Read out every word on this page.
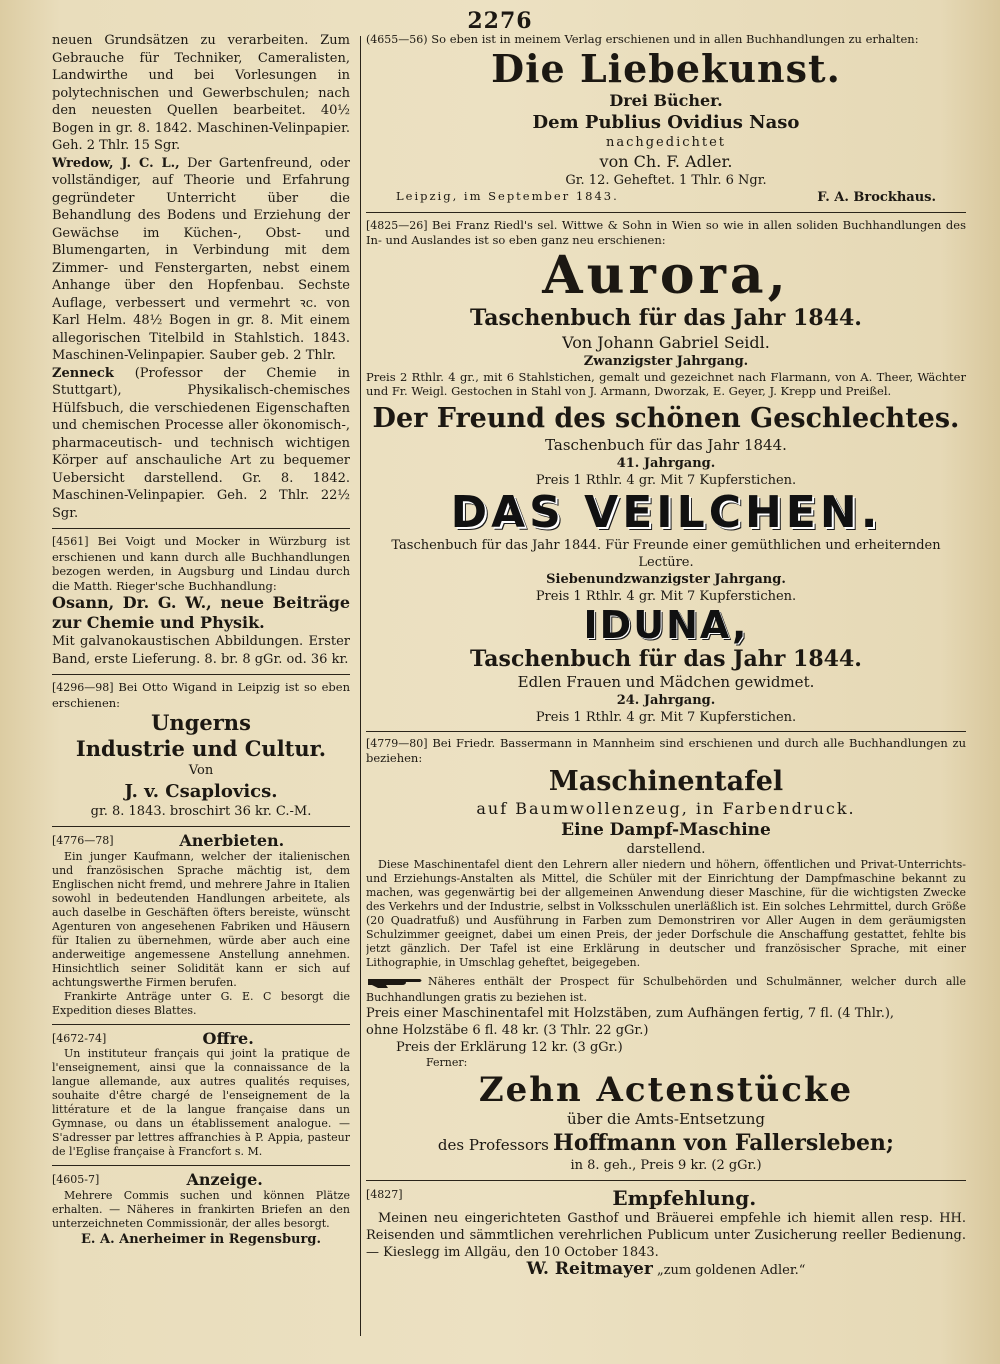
2276

neuen Grundsätzen zu verarbeiten. Zum Gebrauche für Techniker, Cameralisten, Landwirthe und bei Vorlesungen in polytechnischen und Gewerbschulen; nach den neuesten Quellen bearbeitet. 40½ Bogen in gr. 8. 1842. Maschinen-Velinpapier. Geh. 2 Thlr. 15 Sgr.

Wredow, J. C. L., Der Gartenfreund, oder vollständiger, auf Theorie und Erfahrung gegründeter Unterricht über die Behandlung des Bodens und Erziehung der Gewächse im Küchen-, Obst- und Blumengarten, in Verbindung mit dem Zimmer- und Fenstergarten, nebst einem Anhange über den Hopfenbau. Sechste Auflage, verbessert und vermehrt ꝛc. von Karl Helm. 48½ Bogen in gr. 8. Mit einem allegorischen Titelbild in Stahlstich. 1843. Maschinen-Velinpapier. Sauber geb. 2 Thlr.

Zenneck (Professor der Chemie in Stuttgart), Physikalisch-chemisches Hülfsbuch, die verschiedenen Eigenschaften und chemischen Processe aller ökonomisch-, pharmaceutisch- und technisch wichtigen Körper auf anschauliche Art zu bequemer Uebersicht darstellend. Gr. 8. 1842. Maschinen-Velinpapier. Geh. 2 Thlr. 22½ Sgr.

[4561] Bei Voigt und Mocker in Würzburg ist erschienen und kann durch alle Buchhandlungen bezogen werden, in Augsburg und Lindau durch die Matth. Rieger'sche Buchhandlung:

Osann, Dr. G. W., neue Beiträge zur Chemie und Physik.

Mit galvanokaustischen Abbildungen. Erster Band, erste Lieferung. 8. br. 8 gGr. od. 36 kr.

[4296—98] Bei Otto Wigand in Leipzig ist so eben erschienen:

Ungerns

Industrie und Cultur.

Von

J. v. Csaplovics.

gr. 8. 1843. broschirt 36 kr. C.-M.

[4776—78]	Anerbieten.

Ein junger Kaufmann, welcher der italienischen und französischen Sprache mächtig ist, dem Englischen nicht fremd, und mehrere Jahre in Italien sowohl in bedeutenden Handlungen arbeitete, als auch daselbe in Geschäften öfters bereiste, wünscht Agenturen von angesehenen Fabriken und Häusern für Italien zu übernehmen, würde aber auch eine anderweitige angemessene Anstellung annehmen. Hinsichtlich seiner Solidität kann er sich auf achtungswerthe Firmen berufen.

Frankirte Anträge unter G. E. C besorgt die Expedition dieses Blattes.

[4672-74]	Offre.

Un instituteur français qui joint la pratique de l'enseignement, ainsi que la connaissance de la langue allemande, aux autres qualités requises, souhaite d'être chargé de l'enseignement de la littérature et de la langue française dans un Gymnase, ou dans un établissement analogue. — S'adresser par lettres affranchies à P. Appia, pasteur de l'Eglise française à Francfort s. M.

[4605-7]	Anzeige.

Mehrere Commis suchen und können Plätze erhalten. — Näheres in frankirten Briefen an den unterzeichneten Commissionär, der alles besorgt.

E. A. Anerheimer in Regensburg.

(4655—56) So eben ist in meinem Verlag erschienen und in allen Buchhandlungen zu erhalten:

Die Liebekunst.

Drei Bücher.

Dem Publius Ovidius Naso

nachgedichtet

von Ch. F. Adler.

Gr. 12. Geheftet. 1 Thlr. 6 Ngr.

Leipzig, im September 1843.	F. A. Brockhaus.

[4825—26] Bei Franz Riedl's sel. Wittwe & Sohn in Wien so wie in allen soliden Buchhandlungen des In- und Auslandes ist so eben ganz neu erschienen:

Aurora,

Taschenbuch für das Jahr 1844.

Von Johann Gabriel Seidl.

Zwanzigster Jahrgang.

Preis 2 Rthlr. 4 gr., mit 6 Stahlstichen, gemalt und gezeichnet nach Flarmann, von A. Theer, Wächter und Fr. Weigl. Gestochen in Stahl von J. Armann, Dworzak, E. Geyer, J. Krepp und Preißel.

Der Freund des schönen Geschlechtes.

Taschenbuch für das Jahr 1844.

41. Jahrgang.

Preis 1 Rthlr. 4 gr. Mit 7 Kupferstichen.

DAS VEILCHEN.

Taschenbuch für das Jahr 1844. Für Freunde einer gemüthlichen und erheiternden Lectüre.

Siebenundzwanzigster Jahrgang.

Preis 1 Rthlr. 4 gr. Mit 7 Kupferstichen.

IDUNA,

Taschenbuch für das Jahr 1844.

Edlen Frauen und Mädchen gewidmet.

24. Jahrgang.

Preis 1 Rthlr. 4 gr. Mit 7 Kupferstichen.

[4779—80] Bei Friedr. Bassermann in Mannheim sind erschienen und durch alle Buchhandlungen zu beziehen:

Maschinentafel

auf Baumwollenzeug, in Farbendruck.

Eine Dampf-Maschine

darstellend.

Diese Maschinentafel dient den Lehrern aller niedern und höhern, öffentlichen und Privat-Unterrichts- und Erziehungs-Anstalten als Mittel, die Schüler mit der Einrichtung der Dampfmaschine bekannt zu machen, was gegenwärtig bei der allgemeinen Anwendung dieser Maschine, für die wichtigsten Zwecke des Verkehrs und der Industrie, selbst in Volksschulen unerläßlich ist. Ein solches Lehrmittel, durch Größe (20 Quadratfuß) und Ausführung in Farben zum Demonstriren vor Aller Augen in dem geräumigsten Schulzimmer geeignet, dabei um einen Preis, der jeder Dorfschule die Anschaffung gestattet, fehlte bis jetzt gänzlich. Der Tafel ist eine Erklärung in deutscher und französischer Sprache, mit einer Lithographie, in Umschlag geheftet, beigegeben.

Näheres enthält der Prospect für Schulbehörden und Schulmänner, welcher durch alle Buchhandlungen gratis zu beziehen ist.

Preis einer Maschinentafel mit Holzstäben, zum Aufhängen fertig, 7 fl. (4 Thlr.),

ohne Holzstäbe 6 fl. 48 kr. (3 Thlr. 22 gGr.)

Preis der Erklärung 12 kr. (3 gGr.)

Ferner:

Zehn Actenstücke

über die Amts-Entsetzung

des Professors Hoffmann von Fallersleben;

in 8. geh., Preis 9 kr. (2 gGr.)

[4827]	Empfehlung.

Meinen neu eingerichteten Gasthof und Bräuerei empfehle ich hiemit allen resp. HH. Reisenden und sämmtlichen verehrlichen Publicum unter Zusicherung reeller Bedienung. — Kieslegg im Allgäu, den 10 October 1843.

W. Reitmayer „zum goldenen Adler.“
